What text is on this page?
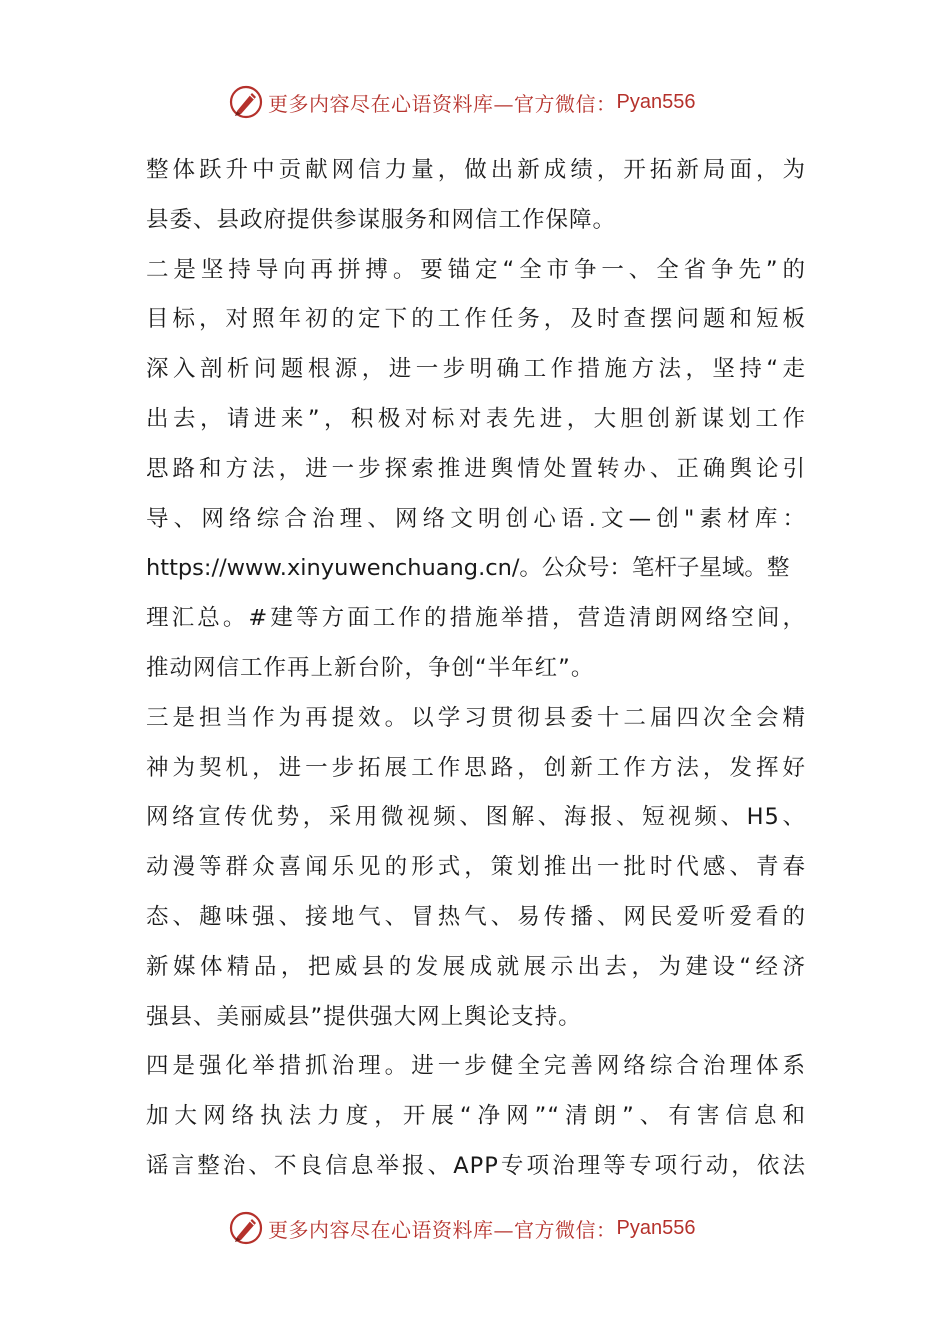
更多内容尽在心语资料库—官方微信： Pyan556

整体跃升中贡献网信力量，做出新成绩，开拓新局面，为
县委、县政府提供参谋服务和网信工作保障。

二是坚持导向再拼搏。要锚定“全市争一、全省争先”的
目标，对照年初的定下的工作任务，及时查摆问题和短板
深入剖析问题根源，进一步明确工作措施方法，坚持“走
出去，请进来”，积极对标对表先进，大胆创新谋划工作
思路和方法，进一步探索推进舆情处置转办、正确舆论引
导、网络综合治理、网络文明创心语.文—创"素材库：
https://www.xinyuwenchuang.cn/。公众号：笔杆子星域。整
理汇总。#建等方面工作的措施举措，营造清朗网络空间，
推动网信工作再上新台阶，争创“半年红”。

三是担当作为再提效。以学习贯彻县委十二届四次全会精
神为契机，进一步拓展工作思路，创新工作方法，发挥好
网络宣传优势，采用微视频、图解、海报、短视频、H5、
动漫等群众喜闻乐见的形式，策划推出一批时代感、青春
态、趣味强、接地气、冒热气、易传播、网民爱听爱看的
新媒体精品，把威县的发展成就展示出去，为建设“经济
强县、美丽威县”提供强大网上舆论支持。

四是强化举措抓治理。进一步健全完善网络综合治理体系
加大网络执法力度，开展“净网”“清朗”、有害信息和
谣言整治、不良信息举报、APP专项治理等专项行动，依法

更多内容尽在心语资料库—官方微信： Pyan556
